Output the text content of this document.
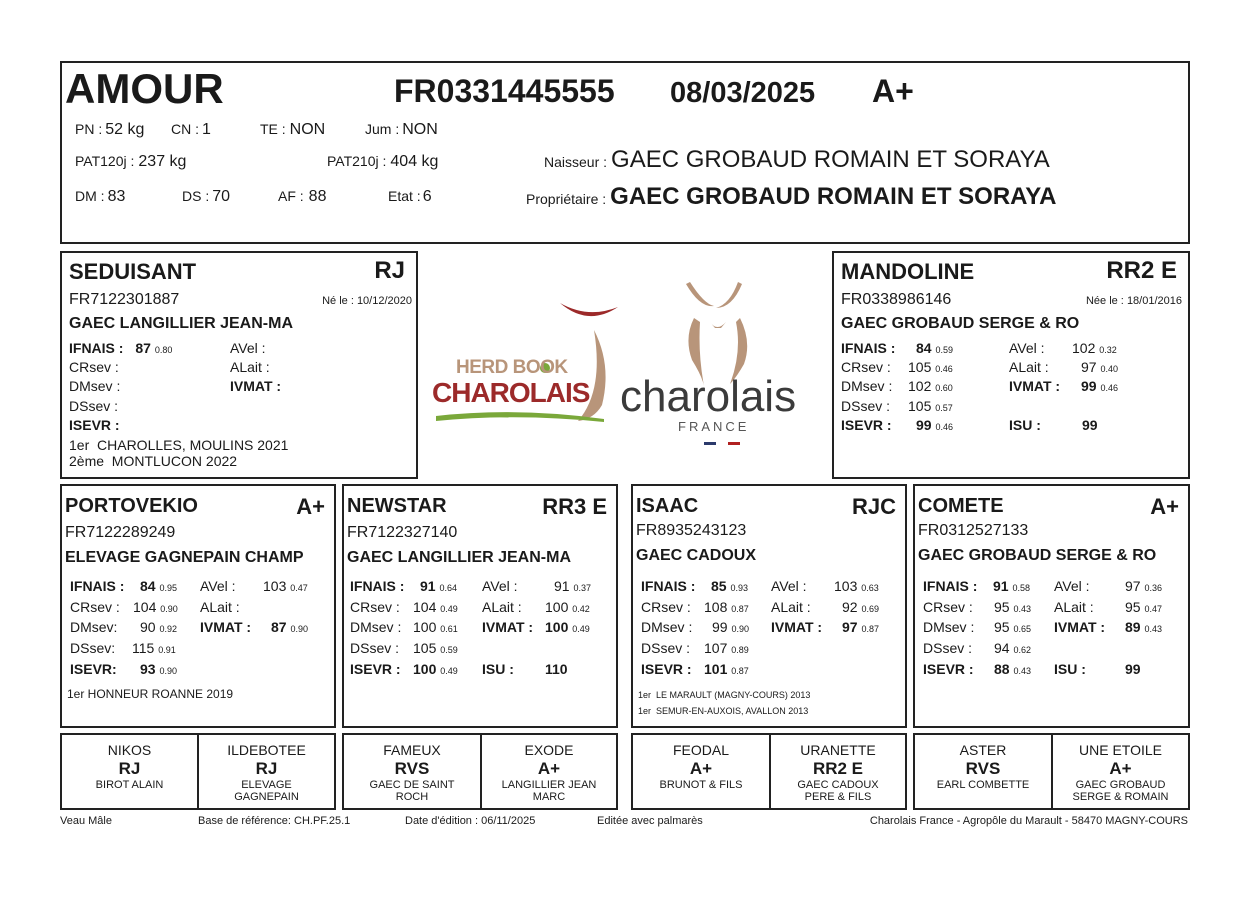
AMOUR	FR0331445555 08/03/2025 A+
PN : 52 kg CN : 1	TE : NON	Jum : NON
PAT120j : 237 kg	PAT210j : 404 kg
DM : 83	DS : 70	AF : 88	Etat : 6
Naisseur : GAEC GROBAUD ROMAIN ET SORAYA
Propriétaire : GAEC GROBAUD ROMAIN ET SORAYA
SEDUISANT	RJ
FR7122301887	Né le : 10/12/2020
GAEC LANGILLIER JEAN-MA
IFNAIS : 87 0.80	AVel :
CRsev :	ALait :
DMsev :	IVMAT :
DSsev :
ISEVR :
1er  CHAROLLES, MOULINS 2021
2ème  MONTLUCON 2022
HERD BOOK
CHAROLAIS charolais
FRANCE
MANDOLINE	RR2 E
FR0338986146	Née le : 18/01/2016
GAEC GROBAUD SERGE & RO
IFNAIS : 84 0.59	AVel : 102 0.32
CRsev : 105 0.46	ALait : 97 0.40
DMsev : 102 0.60	IVMAT : 99 0.46
DSsev : 105 0.57
ISEVR : 99 0.46	ISU :	99
PORTOVEKIO	A+
FR7122289249
ELEVAGE GAGNEPAIN CHAMP
IFNAIS : 84 0.95 AVel : 103 0.47
CRsev : 104 0.90 ALait :
DMsev: 90 0.92 IVMAT : 87 0.90
DSsev: 115 0.91
ISEVR: 93 0.90
1er HONNEUR ROANNE 2019
NEWSTAR	RR3 E
FR7122327140
GAEC LANGILLIER JEAN-MA
IFNAIS : 91 0.64 AVel :	91 0.37
CRsev : 104 0.49 ALait : 100 0.42
DMsev : 100 0.61 IVMAT : 100 0.49
DSsev : 105 0.59
ISEVR : 100 0.49 ISU : 110
ISAAC	RJC
FR8935243123
GAEC CADOUX
IFNAIS : 85 0.93 AVel : 103 0.63
CRsev : 108 0.87 ALait : 92 0.69
DMsev : 99 0.90 IVMAT : 97 0.87
DSsev : 107 0.89
ISEVR : 101 0.87
1er  LE MARAULT (MAGNY-COURS) 2013
1er  SEMUR-EN-AUXOIS, AVALLON 2013
COMETE	A+
FR0312527133
GAEC GROBAUD SERGE & RO
IFNAIS : 91 0.58 AVel :	97 0.36
CRsev : 95 0.43 ALait : 95 0.47
DMsev : 95 0.65 IVMAT : 89 0.43
DSsev : 94 0.62
ISEVR : 88 0.43 ISU :	99
NIKOS
RJ
BIROT ALAIN
ILDEBOTEE
RJ
ELEVAGE
GAGNEPAIN
FAMEUX
RVS
GAEC DE SAINT
ROCH
EXODE
A+
LANGILLIER JEAN
MARC
FEODAL
A+
BRUNOT & FILS
URANETTE
RR2 E
GAEC CADOUX
PERE & FILS
ASTER
RVS
EARL COMBETTE
UNE ETOILE
A+
GAEC GROBAUD
SERGE & ROMAIN
Veau Mâle	Base de référence: CH.PF.25.1	Date d'édition : 06/11/2025	Editée avec palmarès	Charolais France - Agropôle du Marault - 58470 MAGNY-COURS
